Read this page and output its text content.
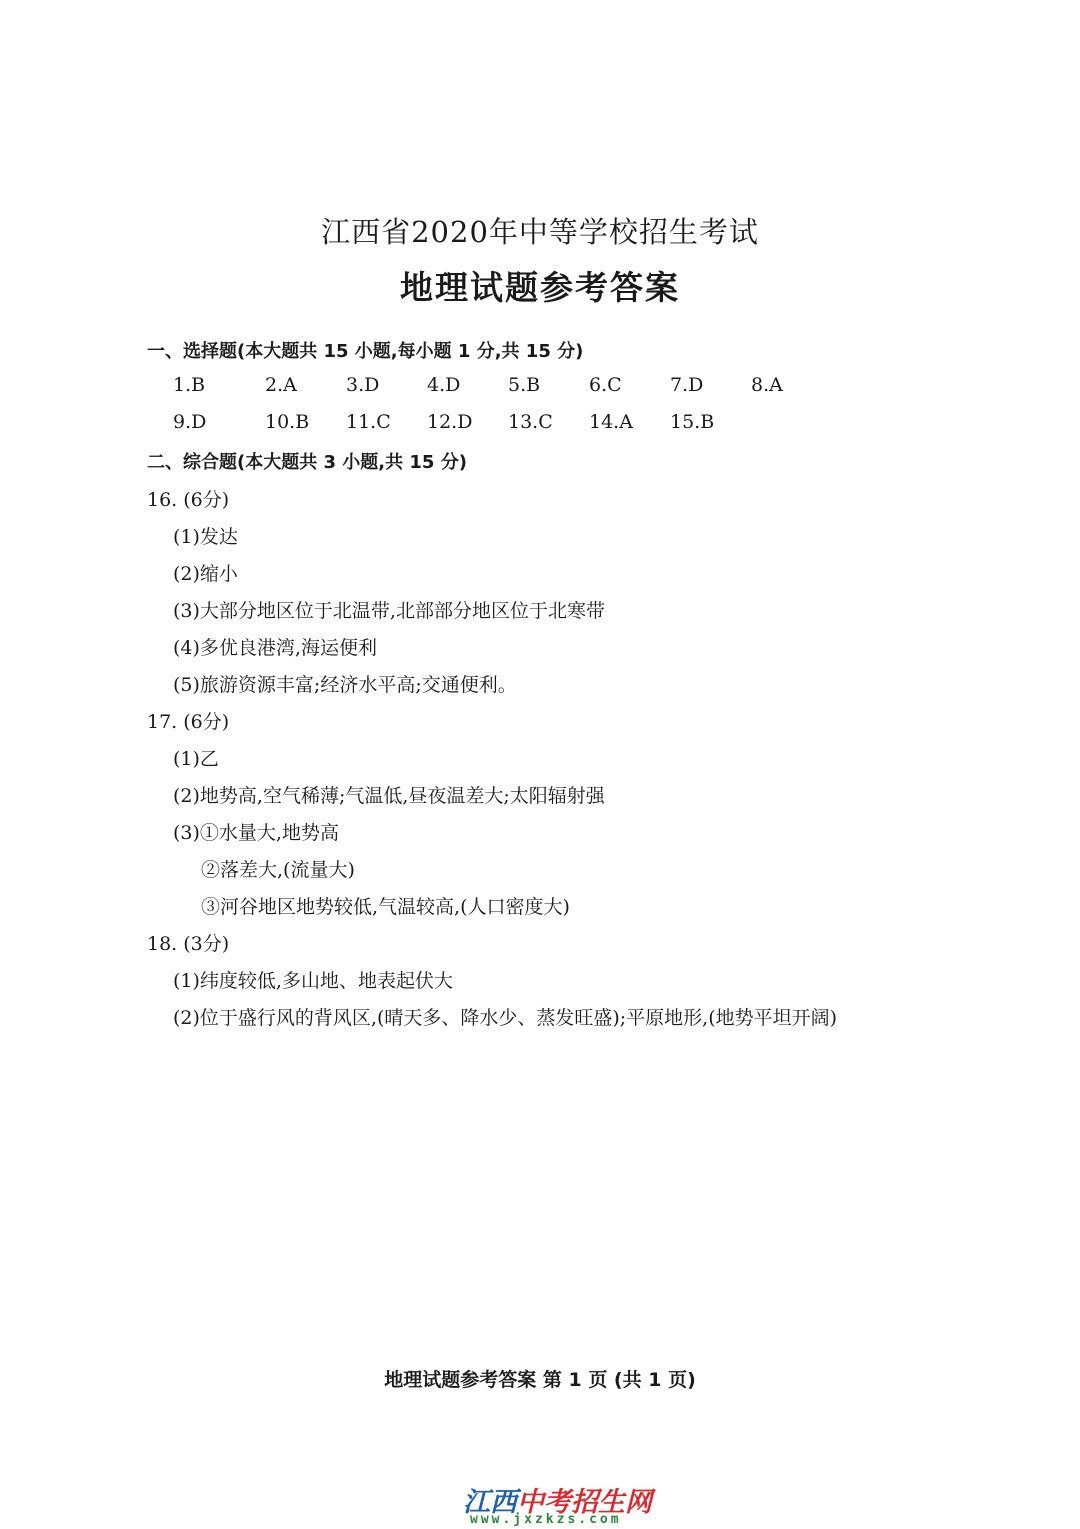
江西省2020年中等学校招生考试
地理试题参考答案
一、选择题(本大题共 15 小题,每小题 1 分,共 15 分)
1.B	2.A	3.D	4.D	5.B	6.C	7.D	8.A
9.D	10.B 11.C 12.D 13.C 14.A 15.B
二、综合题(本大题共 3 小题,共 15 分)
16. (6分)
(1)发达
(2)缩小
(3)大部分地区位于北温带,北部部分地区位于北寒带
(4)多优良港湾,海运便利
(5)旅游资源丰富;经济水平高;交通便利。
17. (6分)
(1)乙
(2)地势高,空气稀薄;气温低,昼夜温差大;太阳辐射强
(3)①水量大,地势高
②落差大,(流量大)
③河谷地区地势较低,气温较高,(人口密度大)
18. (3分)
(1)纬度较低,多山地、地表起伏大
(2)位于盛行风的背风区,(晴天多、降水少、蒸发旺盛);平原地形,(地势平坦开阔)
地理试题参考答案 第 1 页 (共 1 页)
江西中考招生网
www.jxzkzs.com
